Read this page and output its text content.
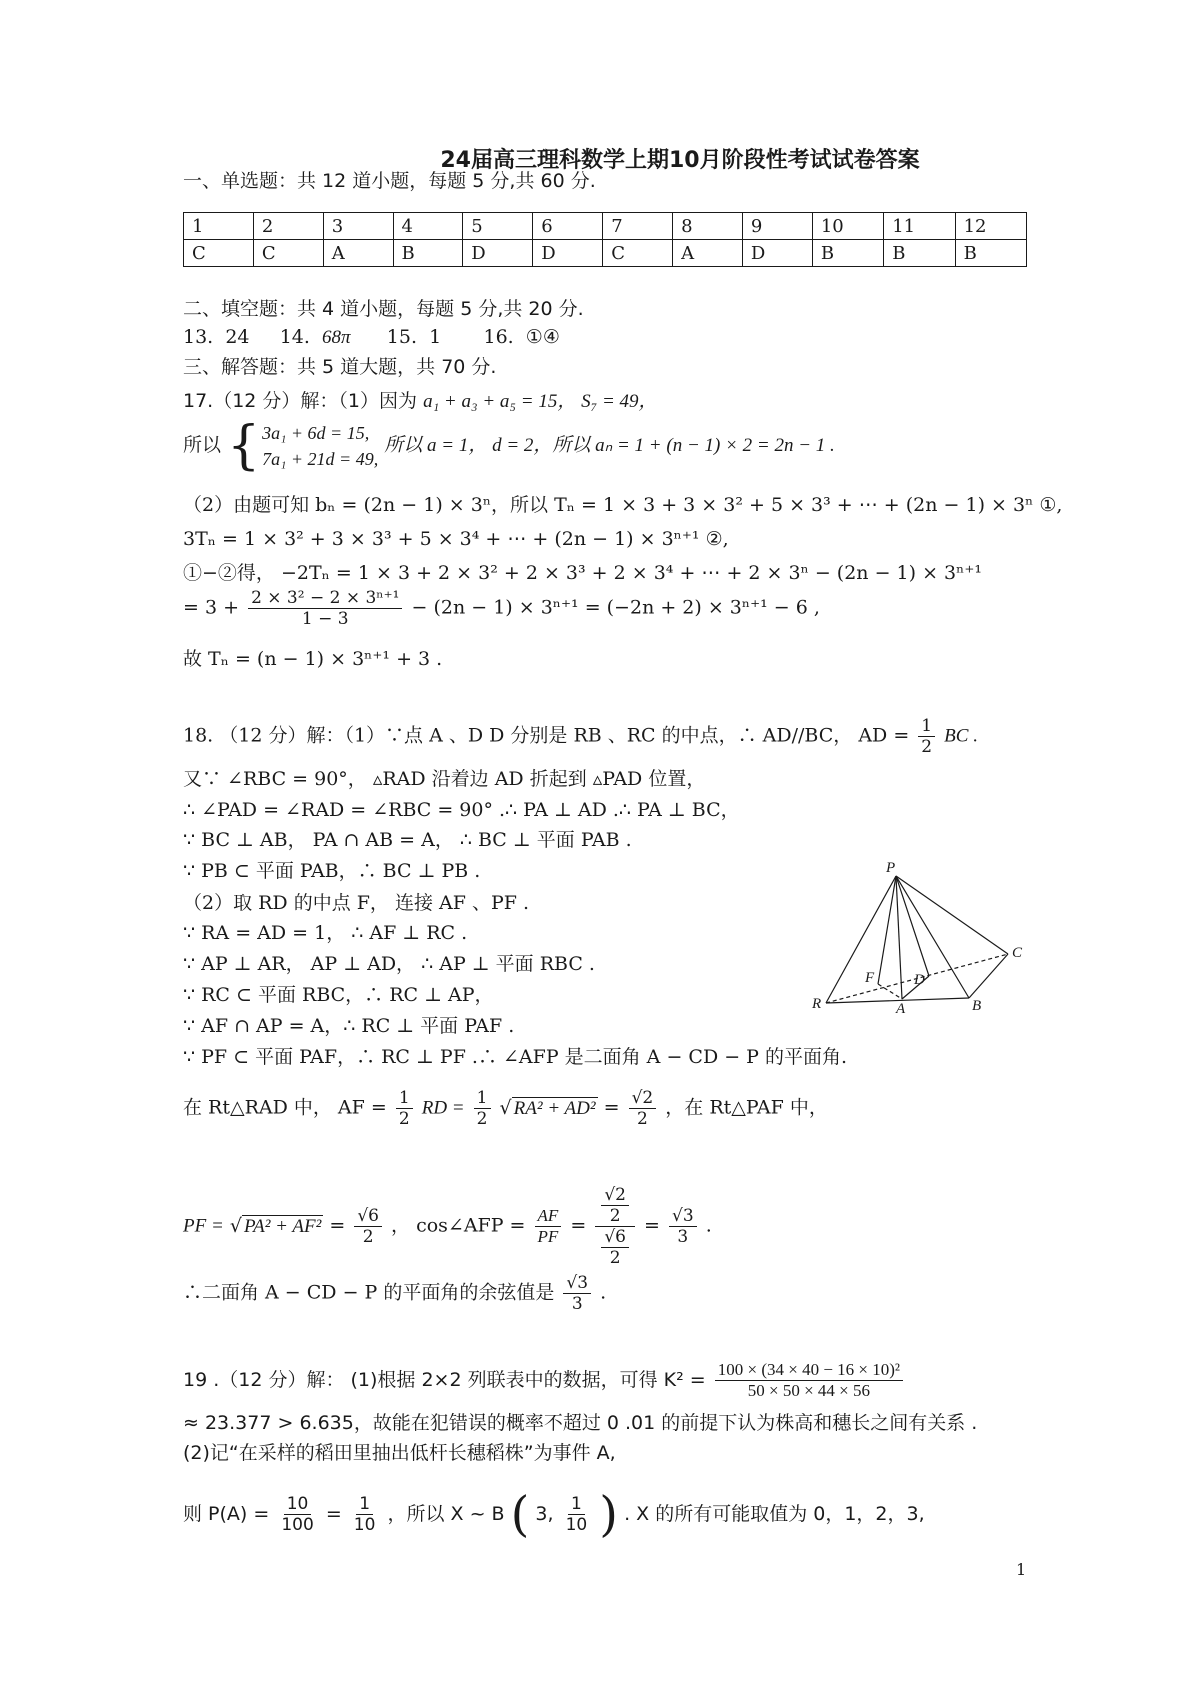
24届高三理科数学上期10月阶段性考试试卷答案
一、单选题：共 12 道小题，每题 5 分,共 60 分.
1	2	3	4	5	6	7	8	9	10	11	12
C	C	A	B	D	D	C	A	D	B	B	B
二、填空题：共 4 道小题，每题 5 分,共 20 分.
13. 24 14. 68π 15. 1 16. ①④
三、解答题：共 5 道大题，共 70 分.
17.（12 分）解：（1）因为 a₁ + a₃ + a₅ = 15， S₇ = 49，
所以 { 3a₁ + 6d = 15,
7a₁ + 21d = 49,
所以 a = 1， d = 2，所以 aₙ = 1 + (n − 1) × 2 = 2n − 1 .
（2）由题可知 bₙ = (2n − 1) × 3ⁿ，所以 Tₙ = 1 × 3 + 3 × 3² + 5 × 3³ + ⋯ + (2n − 1) × 3ⁿ ①,
3Tₙ = 1 × 3² + 3 × 3³ + 5 × 3⁴ + ⋯ + (2n − 1) × 3ⁿ⁺¹ ②,
①−②得， −2Tₙ = 1 × 3 + 2 × 3² + 2 × 3³ + 2 × 3⁴ + ⋯ + 2 × 3ⁿ − (2n − 1) × 3ⁿ⁺¹
= $3 + \frac{\text{2 × 3² − 2 × 3ⁿ⁺¹}}{1 - 3} - (2n - 1) \times 3^{n+1} = (-2n + 2) \times 3^{n+1} - 6$ ,
故 Tₙ = (n − 1) × 3ⁿ⁺¹ + 3 .
18. （12 分）解：（1）∵点 A 、D D 分别是 RB 、RC 的中点，∴ AD//BC， AD = $\frac{1}{2}$ BC .
又∵ ∠RBC = 90°， ▵RAD 沿着边 AD 折起到 ▵PAD 位置，
∴ ∠PAD = ∠RAD = ∠RBC = 90° .∴ PA ⊥ AD .∴ PA ⊥ BC，
∵ BC ⊥ AB， PA ∩ AB = A， ∴ BC ⊥ 平面 PAB .
∵ PB ⊂ 平面 PAB，∴ BC ⊥ PB .
（2）取 RD 的中点 F， 连接 AF 、PF .
∵ RA = AD = 1， ∴ AF ⊥ RC .
∵ AP ⊥ AR， AP ⊥ AD， ∴ AP ⊥ 平面 RBC .
∵ RC ⊂ 平面 RBC，∴ RC ⊥ AP，
∵ AF ∩ AP = A，∴ RC ⊥ 平面 PAF .
∵ PF ⊂ 平面 PAF，∴ RC ⊥ PF .∴ ∠AFP 是二面角 A − CD − P 的平面角.
在 Rt△RAD 中， AF = $\frac{1}{2}$ RD = $\frac{1}{2}$ √ $RA^2 + AD^2 = \frac{√2}{2}$ ，在 Rt△PAF 中，
PF = √ $PA^2 + AF^2 = \frac{√6}{2}$ ， cos∠AFP = $\frac{AF}{PF} = \frac{\frac{√2}{2}}{\frac{√6}{2}} = \frac{√3}{3}$ .
∴二面角 A − CD − P 的平面角的余弦值是 $\frac{√3}{3}$ .
P
C
F	D
R	A	B
19 .（12 分）解： (1)根据 2×2 列联表中的数据，可得 $K^2 = \frac{\text{100 × (34 × 40 − 16 × 10)²}}{50 \times 50 \times 44 \times 56}$
≈ 23.377 > 6.635，故能在犯错误的概率不超过 0 .01 的前提下认为株高和穗长之间有关系 .
(2)记“在采样的稻田里抽出低杆长穗稻株”为事件 A,
则 $P(A) = \frac{10}{100} = \frac{1}{10}$ ，所以 X ~ B ( 3, $\frac{1}{10}$ ) . X 的所有可能取值为 0，1，2，3,
1
